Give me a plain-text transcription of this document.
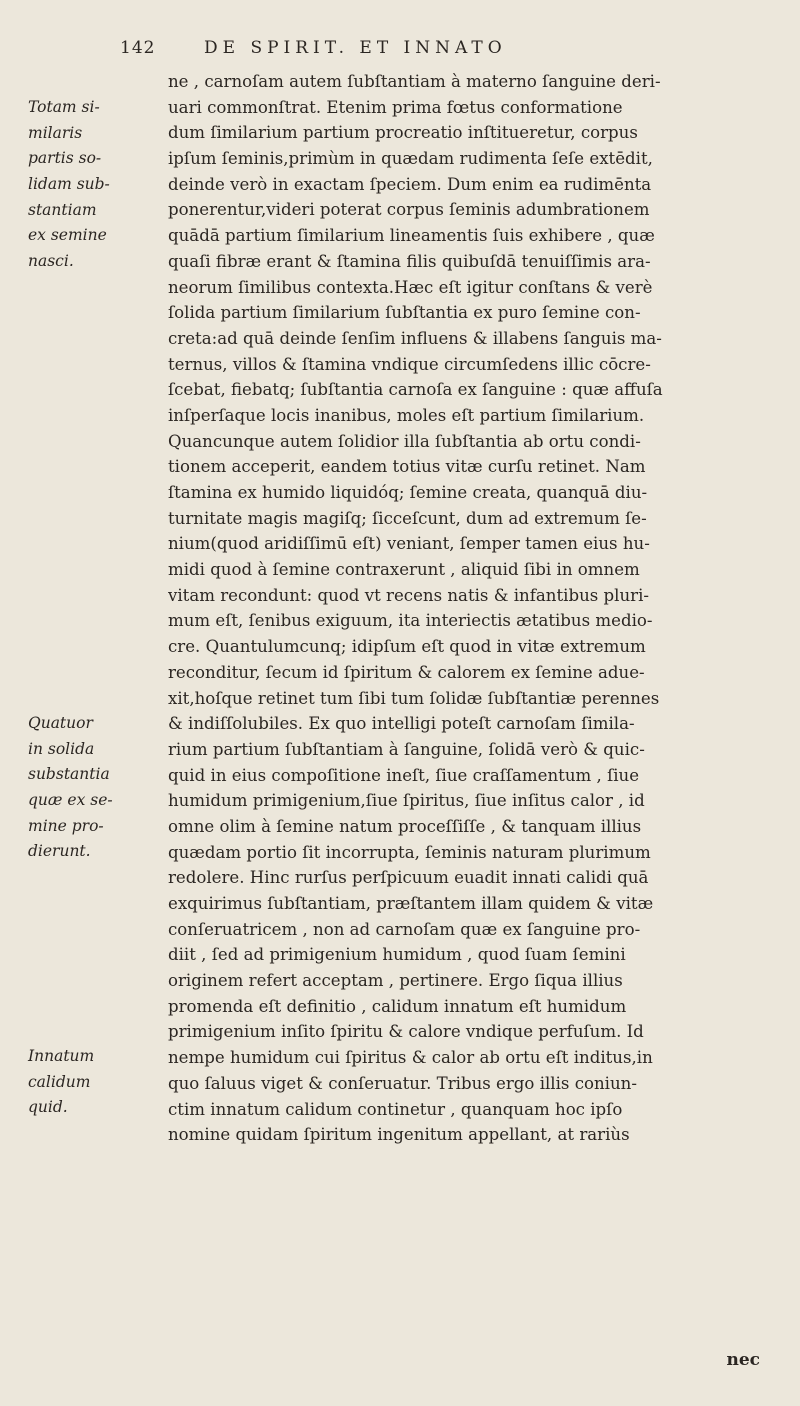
142	DE SPIRIT. ET INNATO
Totam si-
milaris
partis so-
lidam sub-
stantiam
ex semine
nasci.
Quatuor
in solida
substantia
quæ ex se-
mine pro-
dierunt.
Innatum
calidum
quid.
ne , carnoſam autem ſubſtantiam à materno ſanguine deri-
uari commonſtrat. Etenim prima fœtus conformatione
dum ſimilarium partium procreatio inſtitueretur, corpus
ipſum ſeminis,primùm in quædam rudimenta ſeſe extēdit,
deinde verò in exactam ſpeciem. Dum enim ea rudimēnta
ponerentur,videri poterat corpus ſeminis adumbrationem
quādā partium ſimilarium lineamentis ſuis exhibere , quæ
quaſi fibræ erant & ſtamina filis quibuſdā tenuiſſimis ara-
neorum ſimilibus contexta.Hæc eſt igitur conſtans & verè
ſolida partium ſimilarium ſubſtantia ex puro ſemine con-
creta:ad quā deinde ſenſim influens & illabens ſanguis ma-
ternus, villos & ſtamina vndique circumſedens illic cōcre-
ſcebat, fiebatq; ſubſtantia carnoſa ex ſanguine : quæ affuſa
inſperſaque locis inanibus, moles eſt partium ſimilarium.
Quancunque autem ſolidior illa ſubſtantia ab ortu condi-
tionem acceperit, eandem totius vitæ curſu retinet. Nam
ſtamina ex humido liquidóq; ſemine creata, quanquā diu-
turnitate magis magiſq; ſicceſcunt, dum ad extremum ſe-
nium(quod aridiſſimū eſt) veniant, ſemper tamen eius hu-
midi quod à ſemine contraxerunt , aliquid ſibi in omnem
vitam recondunt: quod vt recens natis & infantibus pluri-
mum eſt, ſenibus exiguum, ita interiectis ætatibus medio-
cre. Quantulumcunq; idipſum eſt quod in vitæ extremum
reconditur, ſecum id ſpiritum & calorem ex ſemine adue-
xit,hoſque retinet tum ſibi tum ſolidæ ſubſtantiæ perennes
& indiſſolubiles. Ex quo intelligi poteſt carnoſam ſimila-
rium partium ſubſtantiam à ſanguine, ſolidā verò & quic-
quid in eius compoſitione ineſt, ſiue craſſamentum , ſiue
humidum primigenium,ſiue ſpiritus, ſiue inſitus calor , id
omne olim à ſemine natum proceſſiſſe , & tanquam illius
quædam portio ſit incorrupta, ſeminis naturam plurimum
redolere. Hinc rurſus perſpicuum euadit innati calidi quā
exquirimus ſubſtantiam, præſtantem illam quidem & vitæ
conſeruatricem , non ad carnoſam quæ ex ſanguine pro-
diit , ſed ad primigenium humidum , quod ſuam ſemini
originem refert acceptam , pertinere. Ergo ſiqua illius
promenda eſt definitio , calidum innatum eſt humidum
primigenium inſito ſpiritu & calore vndique perfuſum. Id
nempe humidum cui ſpiritus & calor ab ortu eſt inditus,in
quo ſaluus viget & conſeruatur. Tribus ergo illis coniun-
ctim innatum calidum continetur , quanquam hoc ipſo
nomine quidam ſpiritum ingenitum appellant, at rariùs
nec
